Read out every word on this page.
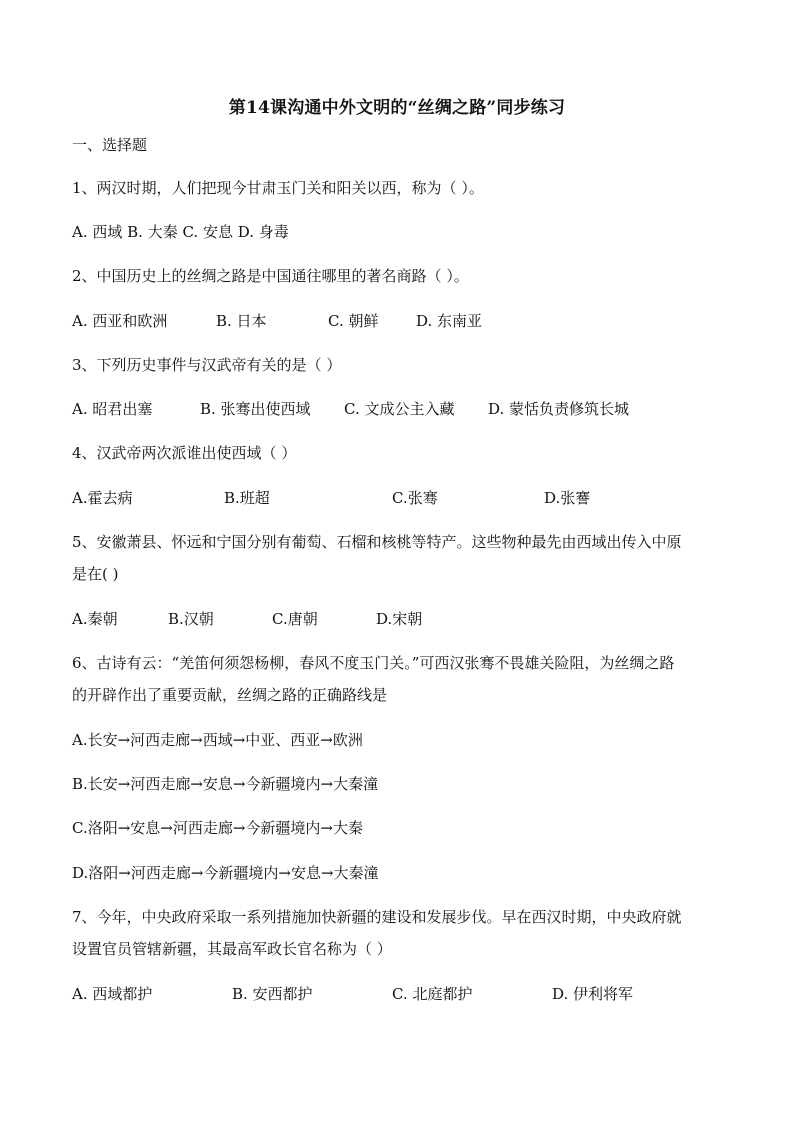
第14课沟通中外文明的“丝绸之路”同步练习
一、选择题
1、两汉时期，人们把现今甘肃玉门关和阳关以西，称为（ ）。
A. 西域 B. 大秦 C. 安息 D. 身毒
2、中国历史上的丝绸之路是中国通往哪里的著名商路（ ）。
A. 西亚和欧洲	B. 日本	C. 朝鲜	D. 东南亚
3、下列历史事件与汉武帝有关的是（ ）
A. 昭君出塞	B. 张骞出使西域 C. 文成公主入藏 D. 蒙恬负责修筑长城
4、汉武帝两次派谁出使西域（ ）
A.霍去病	B.班超	C.张骞	D.张謇
5、安徽萧县、怀远和宁国分别有葡萄、石榴和核桃等特产。这些物种最先由西域出传入中原
是在( )
A.秦朝	B.汉朝	C.唐朝	D.宋朝
6、古诗有云：“羌笛何须怨杨柳，春风不度玉门关。”可西汉张骞不畏雄关险阻，为丝绸之路
的开辟作出了重要贡献，丝绸之路的正确路线是
A.长安→河西走廊→西域→中亚、西亚→欧洲
B.长安→河西走廊→安息→今新疆境内→大秦潼
C.洛阳→安息→河西走廊→今新疆境内→大秦
D.洛阳→河西走廊→今新疆境内→安息→大秦潼
7、今年，中央政府采取一系列措施加快新疆的建设和发展步伐。早在西汉时期，中央政府就
设置官员管辖新疆，其最高军政长官名称为（ ）
A. 西域都护	B. 安西都护	C. 北庭都护	D. 伊利将军
